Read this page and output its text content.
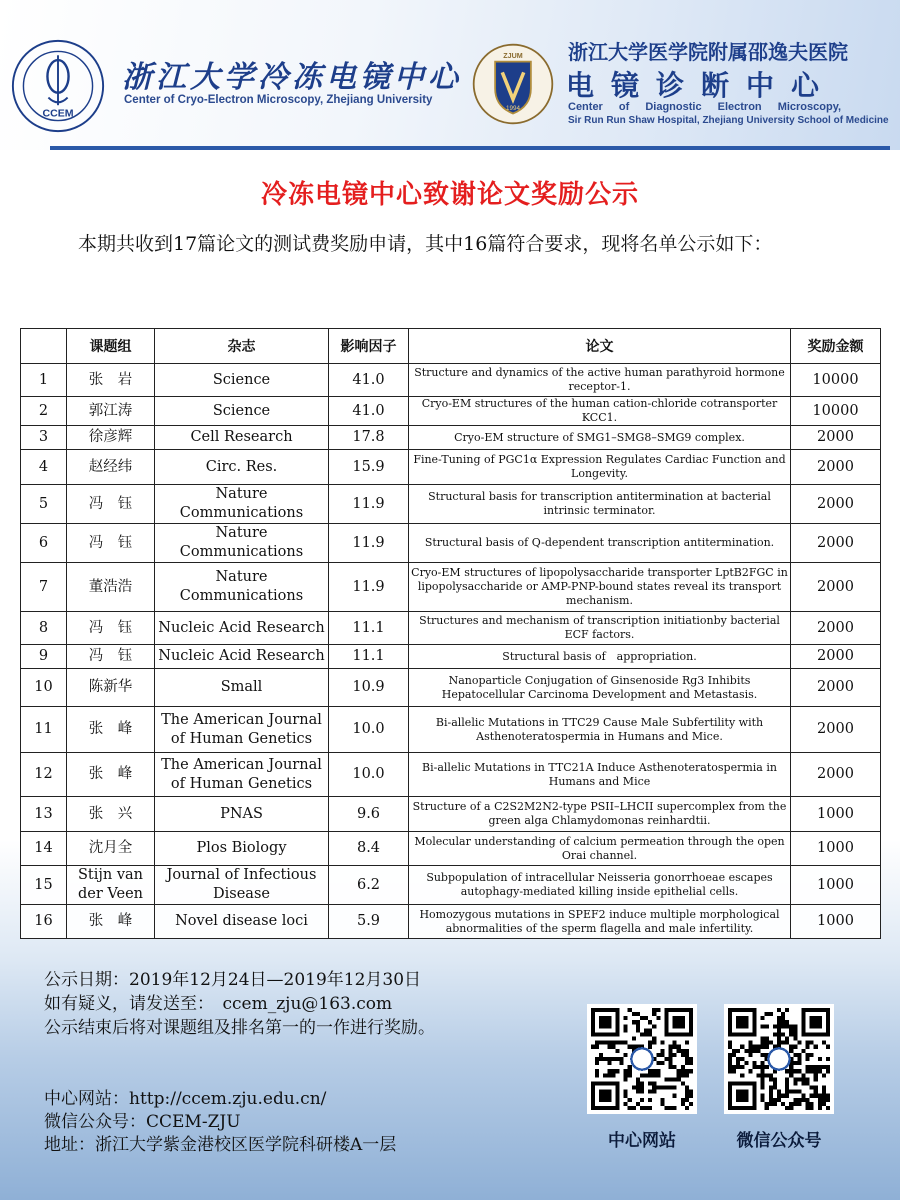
CCEM
浙江大学冷冻电镜中心
Center of Cryo-Electron Microscopy, Zhejiang University
ZJUM
1994
浙江大学医学院附属邵逸夫医院
电镜诊断中心
Center of Diagnostic Electron Microscopy,
Sir Run Run Shaw Hospital, Zhejiang University School of Medicine
冷冻电镜中心致谢论文奖励公示
本期共收到17篇论文的测试费奖励申请，其中16篇符合要求，现将名单公示如下：
	课题组	杂志	影响因子	论文	奖励金额
1	张　岩	Science	41.0	Structure and dynamics of the active human parathyroid hormone receptor-1.	10000
2	郭江涛	Science	41.0	Cryo-EM structures of the human cation-chloride cotransporter KCC1.	10000
3	徐彦辉	Cell Research	17.8	Cryo-EM structure of SMG1–SMG8–SMG9 complex.	2000
4	赵经纬	Circ. Res.	15.9	Fine-Tuning of PGC1α Expression Regulates Cardiac Function and Longevity.	2000
5	冯　钰	Nature Communications	11.9	Structural basis for transcription antitermination at bacterial intrinsic terminator.	2000
6	冯　钰	Nature Communications	11.9	Structural basis of Q-dependent transcription antitermination.	2000
7	董浩浩	Nature Communications	11.9	Cryo-EM structures of lipopolysaccharide transporter LptB2FGC in lipopolysaccharide or AMP-PNP-bound states reveal its transport mechanism.	2000
8	冯　钰	Nucleic Acid Research	11.1	Structures and mechanism of transcription initiationby bacterial ECF factors.	2000
9	冯　钰	Nucleic Acid Research	11.1	Structural basis of　appropriation.	2000
10	陈新华	Small	10.9	Nanoparticle Conjugation of Ginsenoside Rg3 Inhibits Hepatocellular Carcinoma Development and Metastasis.	2000
11	张　峰	The American Journal of Human Genetics	10.0	Bi-allelic Mutations in TTC29 Cause Male Subfertility with Asthenoteratospermia in Humans and Mice.	2000
12	张　峰	The American Journal of Human Genetics	10.0	Bi-allelic Mutations in TTC21A Induce Asthenoteratospermia in Humans and Mice	2000
13	张　兴	PNAS	9.6	Structure of a C2S2M2N2-type PSII–LHCII supercomplex from the green alga Chlamydomonas reinhardtii.	1000
14	沈月全	Plos Biology	8.4	Molecular understanding of calcium permeation through the open Orai channel.	1000
15	Stijn van der Veen	Journal of Infectious Disease	6.2	Subpopulation of intracellular Neisseria gonorrhoeae escapes autophagy-mediated killing inside epithelial cells.	1000
16	张　峰	Novel disease loci	5.9	Homozygous mutations in SPEF2 induce multiple morphological abnormalities of the sperm flagella and male infertility.	1000
公示日期：2019年12月24日—2019年12月30日
如有疑义，请发送至：　ccem_zju@163.com
公示结束后将对课题组及排名第一的一作进行奖励。
中心网站：http://ccem.zju.edu.cn/
微信公众号：CCEM-ZJU
地址：浙江大学紫金港校区医学院科研楼A一层	中心网站	微信公众号
